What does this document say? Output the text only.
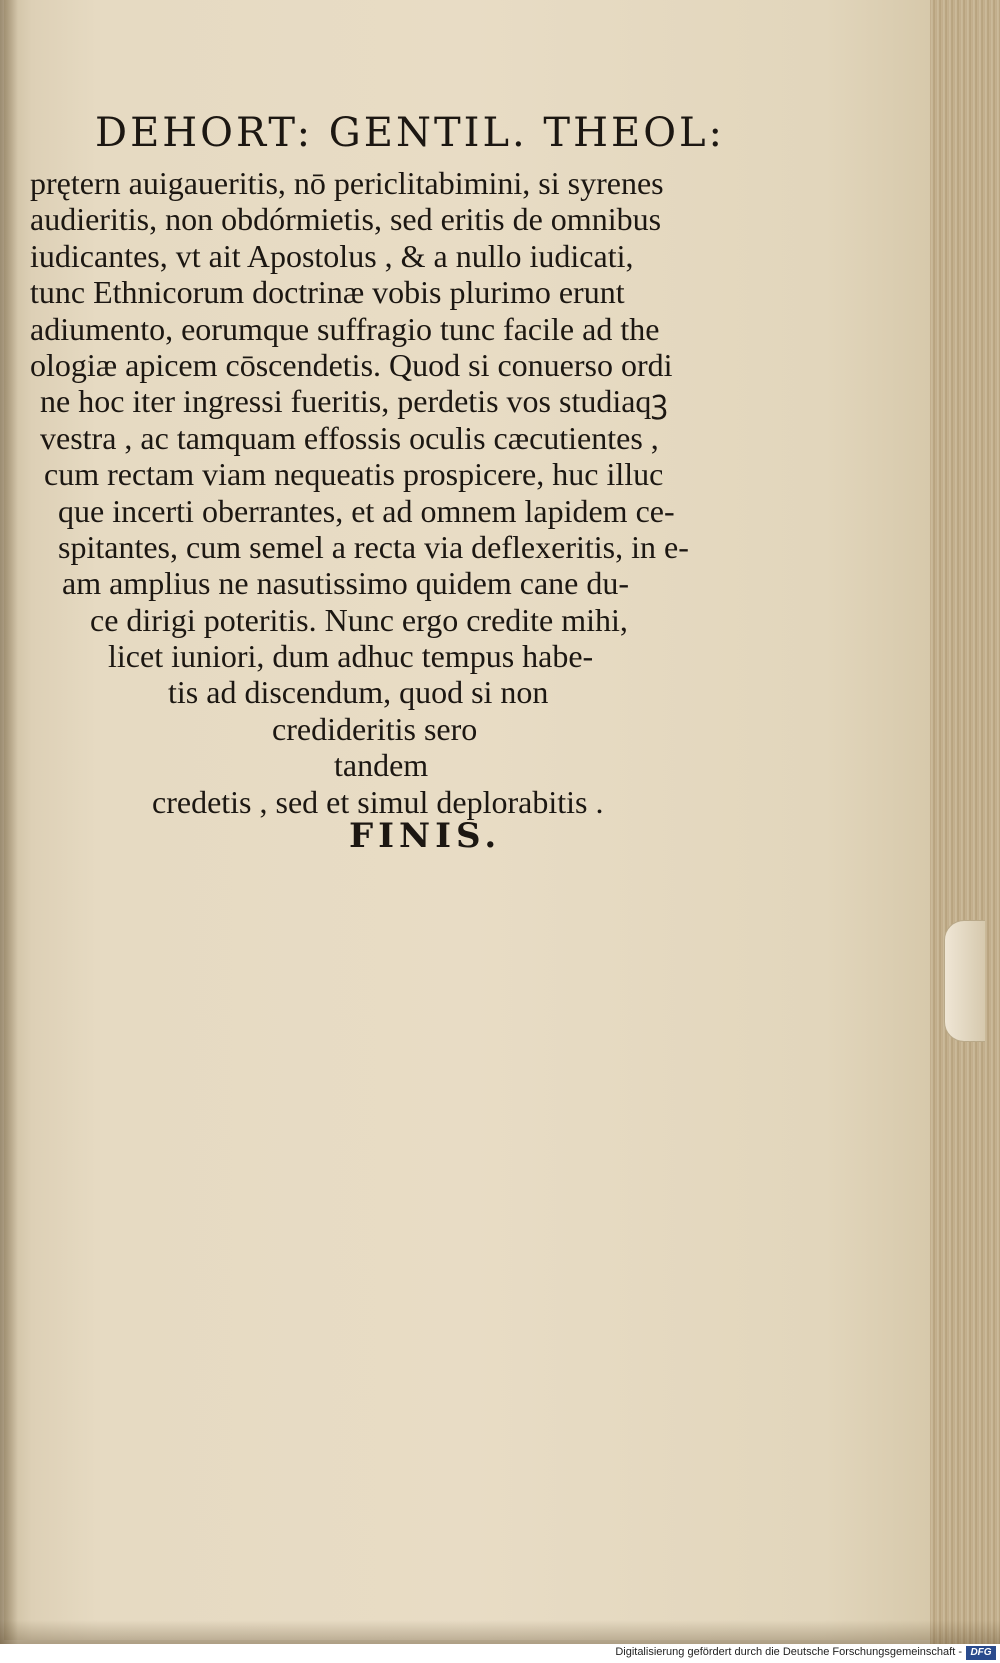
DEHORT: GENTIL. THEOL:
prętern auigaueritis, nō periclitabimini, si syrenes
audieritis, non obdórmietis, sed eritis de omnibus
iudicantes, vt ait Apostolus , & a nullo iudicati,
tunc Ethnicorum doctrinæ vobis plurimo erunt
adiumento, eorumque suffragio tunc facile ad the
ologiæ apicem cōscendetis. Quod si conuerso ordi
ne hoc iter ingressi fueritis, perdetis vos studiaqꝫ
vestra , ac tamquam effossis oculis cæcutientes ,
cum rectam viam nequeatis prospicere, huc illuc
que incerti oberrantes, et ad omnem lapidem ce-
spitantes, cum semel a recta via deflexeritis, in e-
am amplius ne nasutissimo quidem cane du-
ce dirigi poteritis. Nunc ergo credite mihi,
licet iuniori, dum adhuc tempus habe-
tis ad discendum, quod si non
credideritis sero
tandem
credetis , sed et simul deplorabitis .
FINIS.
Digitalisierung gefördert durch die Deutsche Forschungsgemeinschaft - DFG
